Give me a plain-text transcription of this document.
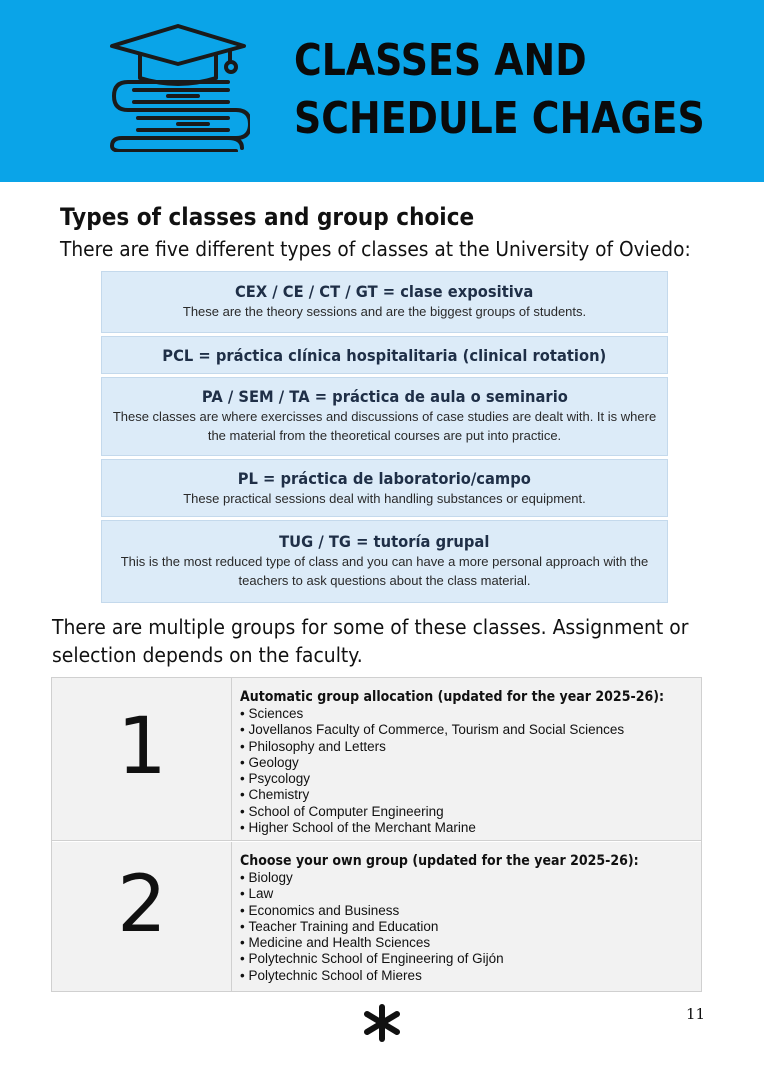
CLASSES AND
SCHEDULE CHAGES
Types of classes and group choice
There are five different types of classes at the University of Oviedo:
CEX / CE / CT / GT = clase expositiva
These are the theory sessions and are the biggest groups of students.
PCL = práctica clínica hospitalitaria (clinical rotation)
PA / SEM / TA = práctica de aula o seminario
These classes are where exercisses and discussions of case studies are dealt with. It is where the material from the theoretical courses are put into practice.
PL = práctica de laboratorio/campo
These practical sessions deal with handling substances or equipment.
TUG / TG = tutoría grupal
This is the most reduced type of class and you can have a more personal approach with the teachers to ask questions about the class material.
There are multiple groups for some of these classes. Assignment or selection depends on the faculty.
1
Automatic group allocation (updated for the year 2025-26):
• Sciences
• Jovellanos Faculty of Commerce, Tourism and Social Sciences
• Philosophy and Letters
• Geology
• Psycology
• Chemistry
• School of Computer Engineering
• Higher School of the Merchant Marine
2	Choose your own group (updated for the year 2025-26):
• Biology
• Law
• Economics and Business
• Teacher Training and Education
• Medicine and Health Sciences
• Polytechnic School of Engineering of Gijón
• Polytechnic School of Mieres
11
